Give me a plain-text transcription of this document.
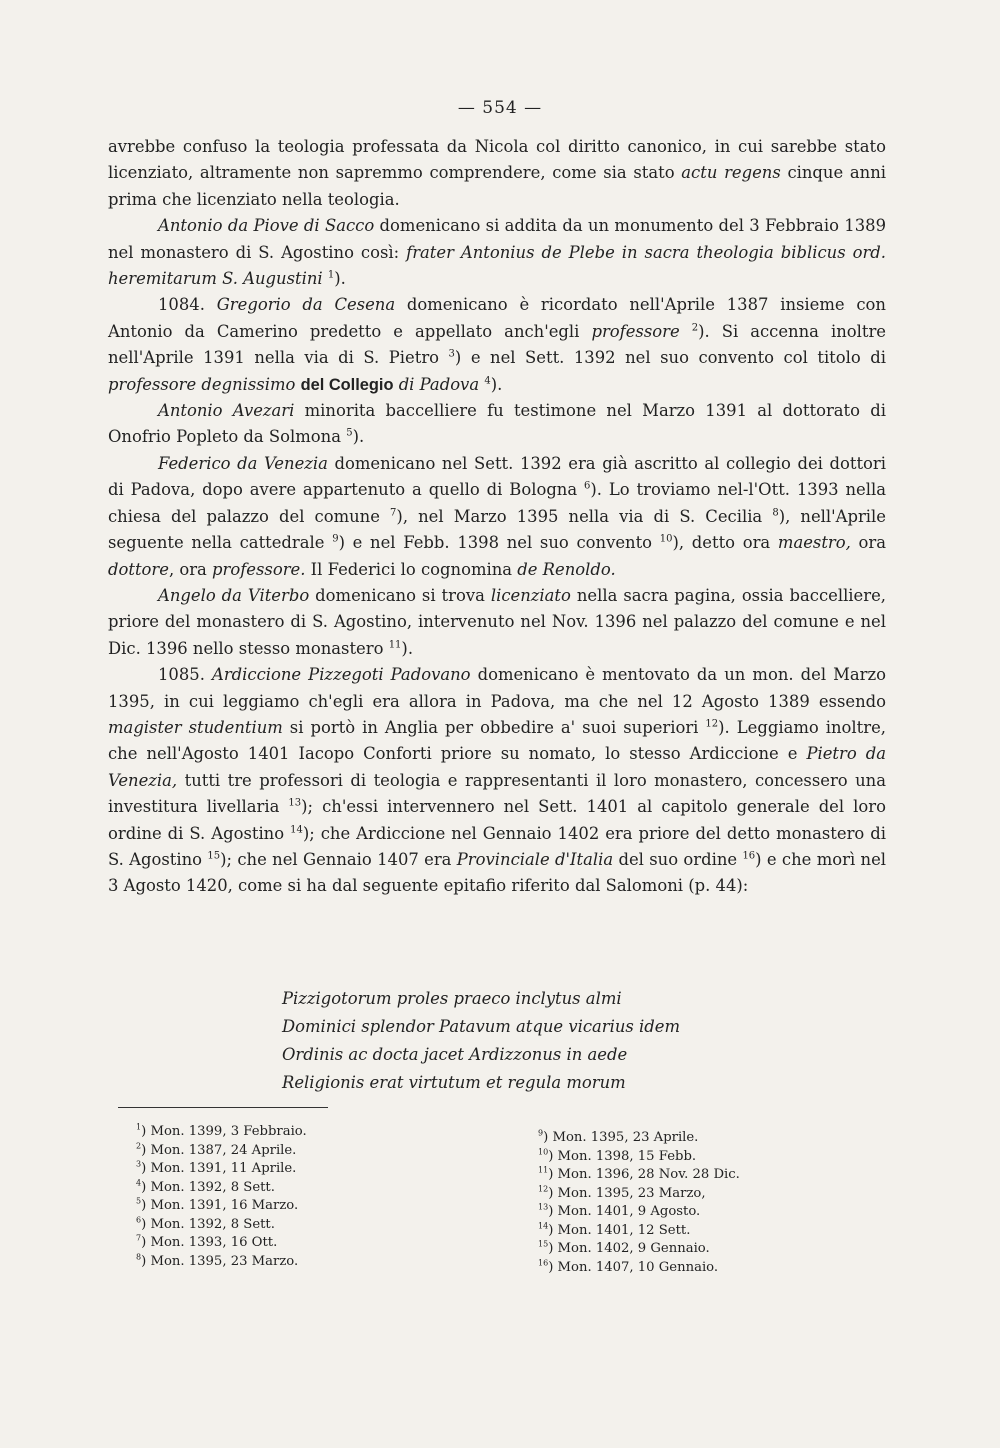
— 554 —

avrebbe confuso la teologia professata da Nicola col diritto canonico, in cui sarebbe stato licenziato, altramente non sapremmo comprendere, come sia stato actu regens cinque anni prima che licenziato nella teologia.

Antonio da Piove di Sacco domenicano si addita da un monumento del 3 Febbraio 1389 nel monastero di S. Agostino così: frater Antonius de Plebe in sacra theologia biblicus ord. heremitarum S. Augustini $^1$).

1084. Gregorio da Cesena domenicano è ricordato nell'Aprile 1387 insieme con Antonio da Camerino predetto e appellato anch'egli professore $^2$). Si accenna inoltre nell'Aprile 1391 nella via di S. Pietro $^3$) e nel Sett. 1392 nel suo convento col titolo di professore degnissimo del Collegio di Padova $^4$).

Antonio Avezari minorita baccelliere fu testimone nel Marzo 1391 al dottorato di Onofrio Popleto da Solmona $^5$).

Federico da Venezia domenicano nel Sett. 1392 era già ascritto al collegio dei dottori di Padova, dopo avere appartenuto a quello di Bologna $^6$). Lo troviamo nel-l'Ott. 1393 nella chiesa del palazzo del comune $^7$), nel Marzo 1395 nella via di S. Cecilia $^8$), nell'Aprile seguente nella cattedrale $^9$) e nel Febb. 1398 nel suo convento $^{10}$), detto ora maestro, ora dottore, ora professore. Il Federici lo cognomina de Renoldo.

Angelo da Viterbo domenicano si trova licenziato nella sacra pagina, ossia baccelliere, priore del monastero di S. Agostino, intervenuto nel Nov. 1396 nel palazzo del comune e nel Dic. 1396 nello stesso monastero $^{11}$).

1085. Ardiccione Pizzegoti Padovano domenicano è mentovato da un mon. del Marzo 1395, in cui leggiamo ch'egli era allora in Padova, ma che nel 12 Agosto 1389 essendo magister studentium si portò in Anglia per obbedire a' suoi superiori $^{12}$). Leggiamo inoltre, che nell'Agosto 1401 Iacopo Conforti priore su nomato, lo stesso Ardiccione e Pietro da Venezia, tutti tre professori di teologia e rappresentanti il loro monastero, concessero una investitura livellaria $^{13}$); ch'essi intervennero nel Sett. 1401 al capitolo generale del loro ordine di S. Agostino $^{14}$); che Ardiccione nel Gennaio 1402 era priore del detto monastero di S. Agostino $^{15}$); che nel Gennaio 1407 era Provinciale d'Italia del suo ordine $^{16}$) e che morì nel 3 Agosto 1420, come si ha dal seguente epitafio riferito dal Salomoni (p. 44):

Pizzigotorum proles praeco inclytus almi
Dominici splendor Patavum atque vicarius idem
Ordinis ac docta jacet Ardizzonus in aede
Religionis erat virtutum et regula morum
$^1$) Mon. 1399, 3 Febbraio.
$^2$) Mon. 1387, 24 Aprile.
$^3$) Mon. 1391, 11 Aprile.
$^4$) Mon. 1392, 8 Sett.
$^5$) Mon. 1391, 16 Marzo.
$^6$) Mon. 1392, 8 Sett.
$^7$) Mon. 1393, 16 Ott.
$^8$) Mon. 1395, 23 Marzo.
$^9$) Mon. 1395, 23 Aprile.
$^{10}$) Mon. 1398, 15 Febb.
$^{11}$) Mon. 1396, 28 Nov. 28 Dic.
$^{12}$) Mon. 1395, 23 Marzo,
$^{13}$) Mon. 1401, 9 Agosto.
$^{14}$) Mon. 1401, 12 Sett.
$^{15}$) Mon. 1402, 9 Gennaio.
$^{16}$) Mon. 1407, 10 Gennaio.
